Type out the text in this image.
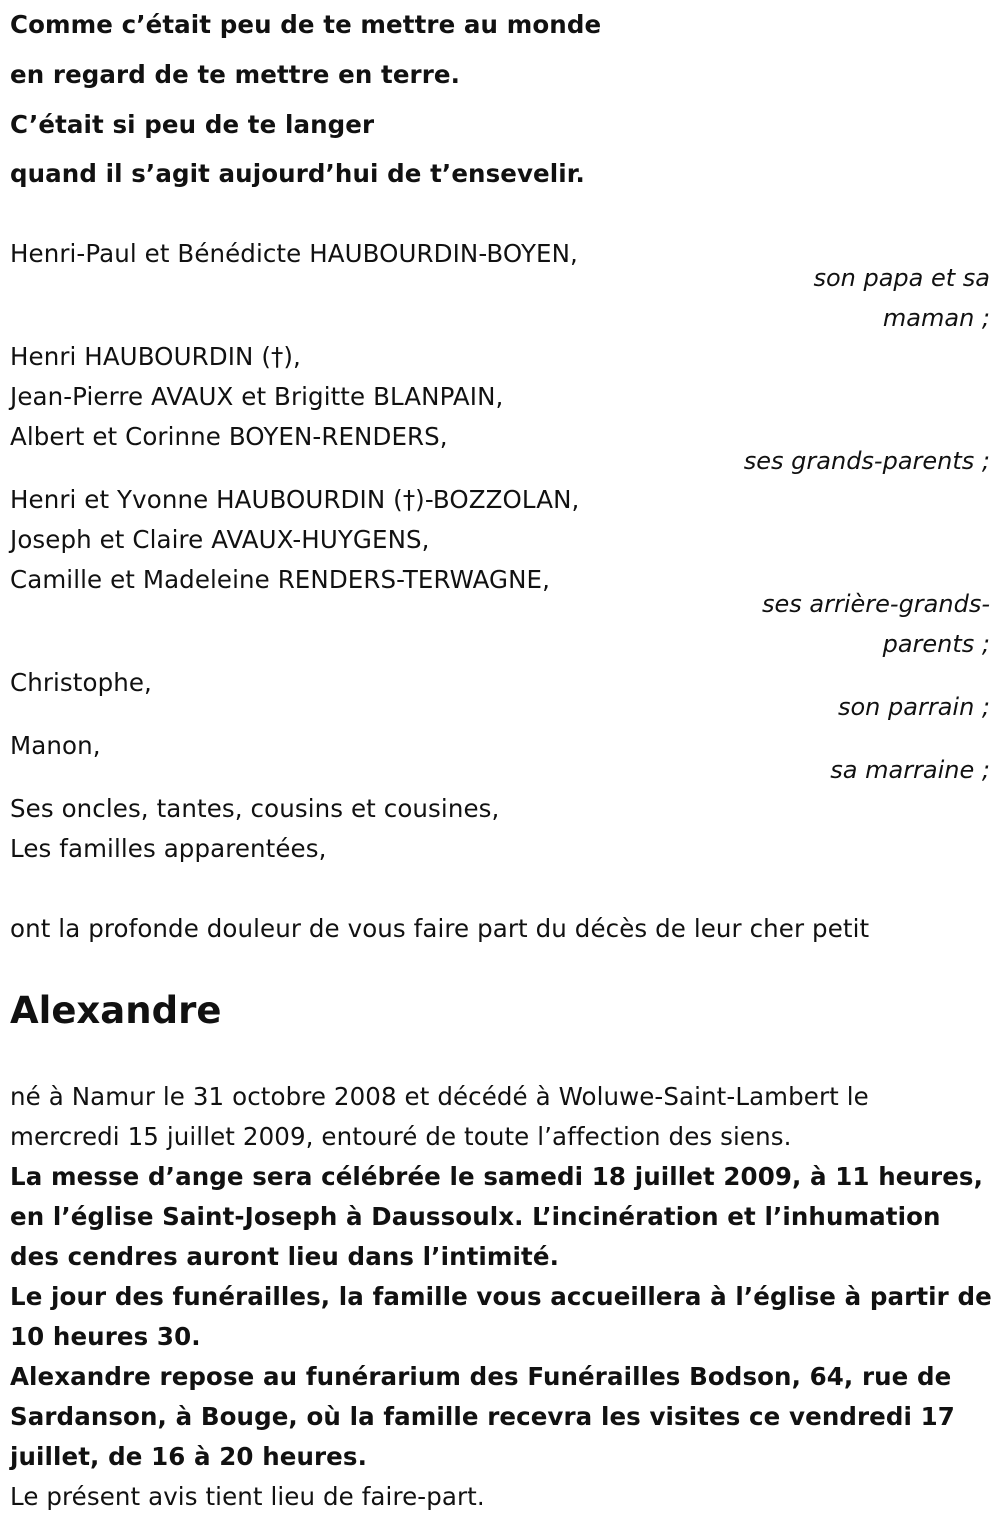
Comme c’était peu de te mettre au monde

en regard de te mettre en terre.

C’était si peu de te langer

quand il s’agit aujourd’hui de t’ensevelir.

Henri-Paul et Bénédicte HAUBOURDIN-BOYEN,

son papa et sa

maman ;

Henri HAUBOURDIN (†),

Jean-Pierre AVAUX et Brigitte BLANPAIN,

Albert et Corinne BOYEN-RENDERS,

ses grands-parents ;

Henri et Yvonne HAUBOURDIN (†)-BOZZOLAN,

Joseph et Claire AVAUX-HUYGENS,

Camille et Madeleine RENDERS-TERWAGNE,

ses arrière-grands-

parents ;

Christophe,

son parrain ;

Manon,

sa marraine ;

Ses oncles, tantes, cousins et cousines,

Les familles apparentées,

ont la profonde douleur de vous faire part du décès de leur cher petit

Alexandre

né à Namur le 31 octobre 2008 et décédé à Woluwe-Saint-Lambert le

mercredi 15 juillet 2009, entouré de toute l’affection des siens.

La messe d’ange sera célébrée le samedi 18 juillet 2009, à 11 heures,

en l’église Saint-Joseph à Daussoulx. L’incinération et l’inhumation

des cendres auront lieu dans l’intimité.

Le jour des funérailles, la famille vous accueillera à l’église à partir de

10 heures 30.

Alexandre repose au funérarium des Funérailles Bodson, 64, rue de

Sardanson, à Bouge, où la famille recevra les visites ce vendredi 17

juillet, de 16 à 20 heures.

Le présent avis tient lieu de faire-part.
